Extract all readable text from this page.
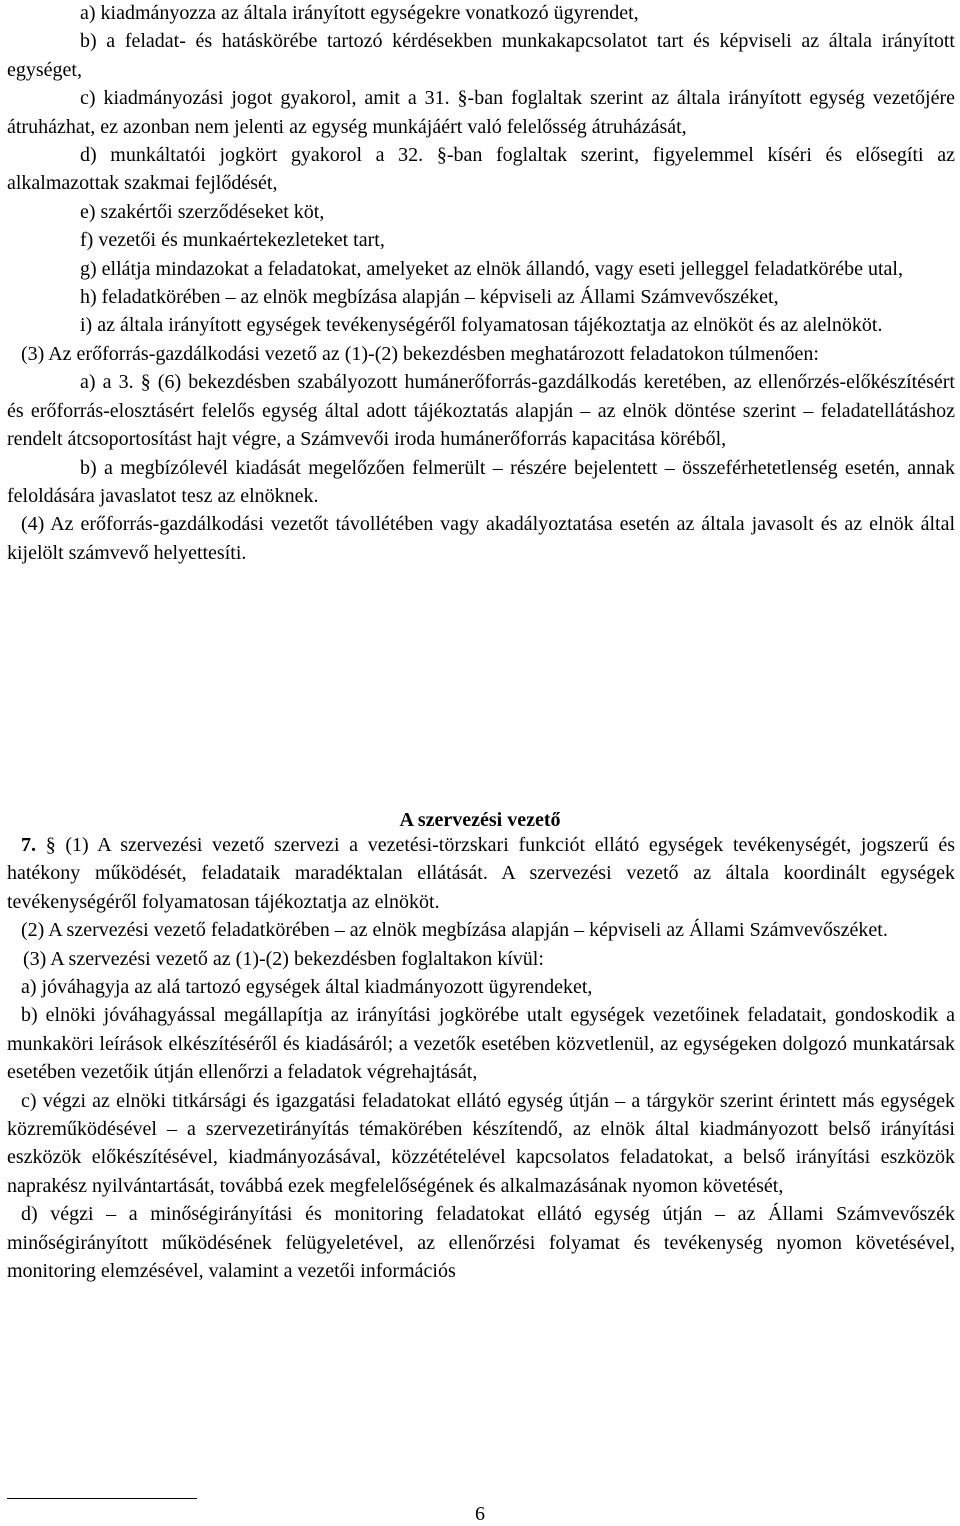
a) kiadmányozza az általa irányított egységekre vonatkozó ügyrendet,

b) a feladat- és hatáskörébe tartozó kérdésekben munkakapcsolatot tart és képviseli az általa irányított egységet,

c) kiadmányozási jogot gyakorol, amit a 31. §-ban foglaltak szerint az általa irányított egység vezetőjére átruházhat, ez azonban nem jelenti az egység munkájáért való felelősség átruházását,

d) munkáltatói jogkört gyakorol a 32. §-ban foglaltak szerint, figyelemmel kíséri és elősegíti az alkalmazottak szakmai fejlődését,

e) szakértői szerződéseket köt,

f) vezetői és munkaértekezleteket tart,

g) ellátja mindazokat a feladatokat, amelyeket az elnök állandó, vagy eseti jelleggel feladatkörébe utal,

h) feladatkörében – az elnök megbízása alapján – képviseli az Állami Számvevőszéket,

i) az általa irányított egységek tevékenységéről folyamatosan tájékoztatja az elnököt és az alelnököt.

(3) Az erőforrás-gazdálkodási vezető az (1)-(2) bekezdésben meghatározott feladatokon túlmenően:

a) a 3. § (6) bekezdésben szabályozott humánerőforrás-gazdálkodás keretében, az ellenőrzés-előkészítésért és erőforrás-elosztásért felelős egység által adott tájékoztatás alapján – az elnök döntése szerint – feladatellátáshoz rendelt átcsoportosítást hajt végre, a Számvevői iroda humánerőforrás kapacitása köréből,

b) a megbízólevél kiadását megelőzően felmerült – részére bejelentett – összeférhetetlenség esetén, annak feloldására javaslatot tesz az elnöknek.

(4) Az erőforrás-gazdálkodási vezetőt távollétében vagy akadályoztatása esetén az általa javasolt és az elnök által kijelölt számvevő helyettesíti.

A szervezési vezető

7. § (1) A szervezési vezető szervezi a vezetési-törzskari funkciót ellátó egységek tevékenységét, jogszerű és hatékony működését, feladataik maradéktalan ellátását. A szervezési vezető az általa koordinált egységek tevékenységéről folyamatosan tájékoztatja az elnököt.

(2) A szervezési vezető feladatkörében – az elnök megbízása alapján – képviseli az Állami Számvevőszéket.

(3) A szervezési vezető az (1)-(2) bekezdésben foglaltakon kívül:

a) jóváhagyja az alá tartozó egységek által kiadmányozott ügyrendeket,

b) elnöki jóváhagyással megállapítja az irányítási jogkörébe utalt egységek vezetőinek feladatait, gondoskodik a munkaköri leírások elkészítéséről és kiadásáról; a vezetők esetében közvetlenül, az egységeken dolgozó munkatársak esetében vezetőik útján ellenőrzi a feladatok végrehajtását,

c) végzi az elnöki titkársági és igazgatási feladatokat ellátó egység útján – a tárgykör szerint érintett más egységek közreműködésével – a szervezetirányítás témakörében készítendő, az elnök által kiadmányozott belső irányítási eszközök előkészítésével, kiadmányozásával, közzétételével kapcsolatos feladatokat, a belső irányítási eszközök naprakész nyilvántartását, továbbá ezek megfelelőségének és alkalmazásának nyomon követését,

d) végzi – a minőségirányítási és monitoring feladatokat ellátó egység útján – az Állami Számvevőszék minőségirányított működésének felügyeletével, az ellenőrzési folyamat és tevékenység nyomon követésével, monitoring elemzésével, valamint a vezetői információs

6
